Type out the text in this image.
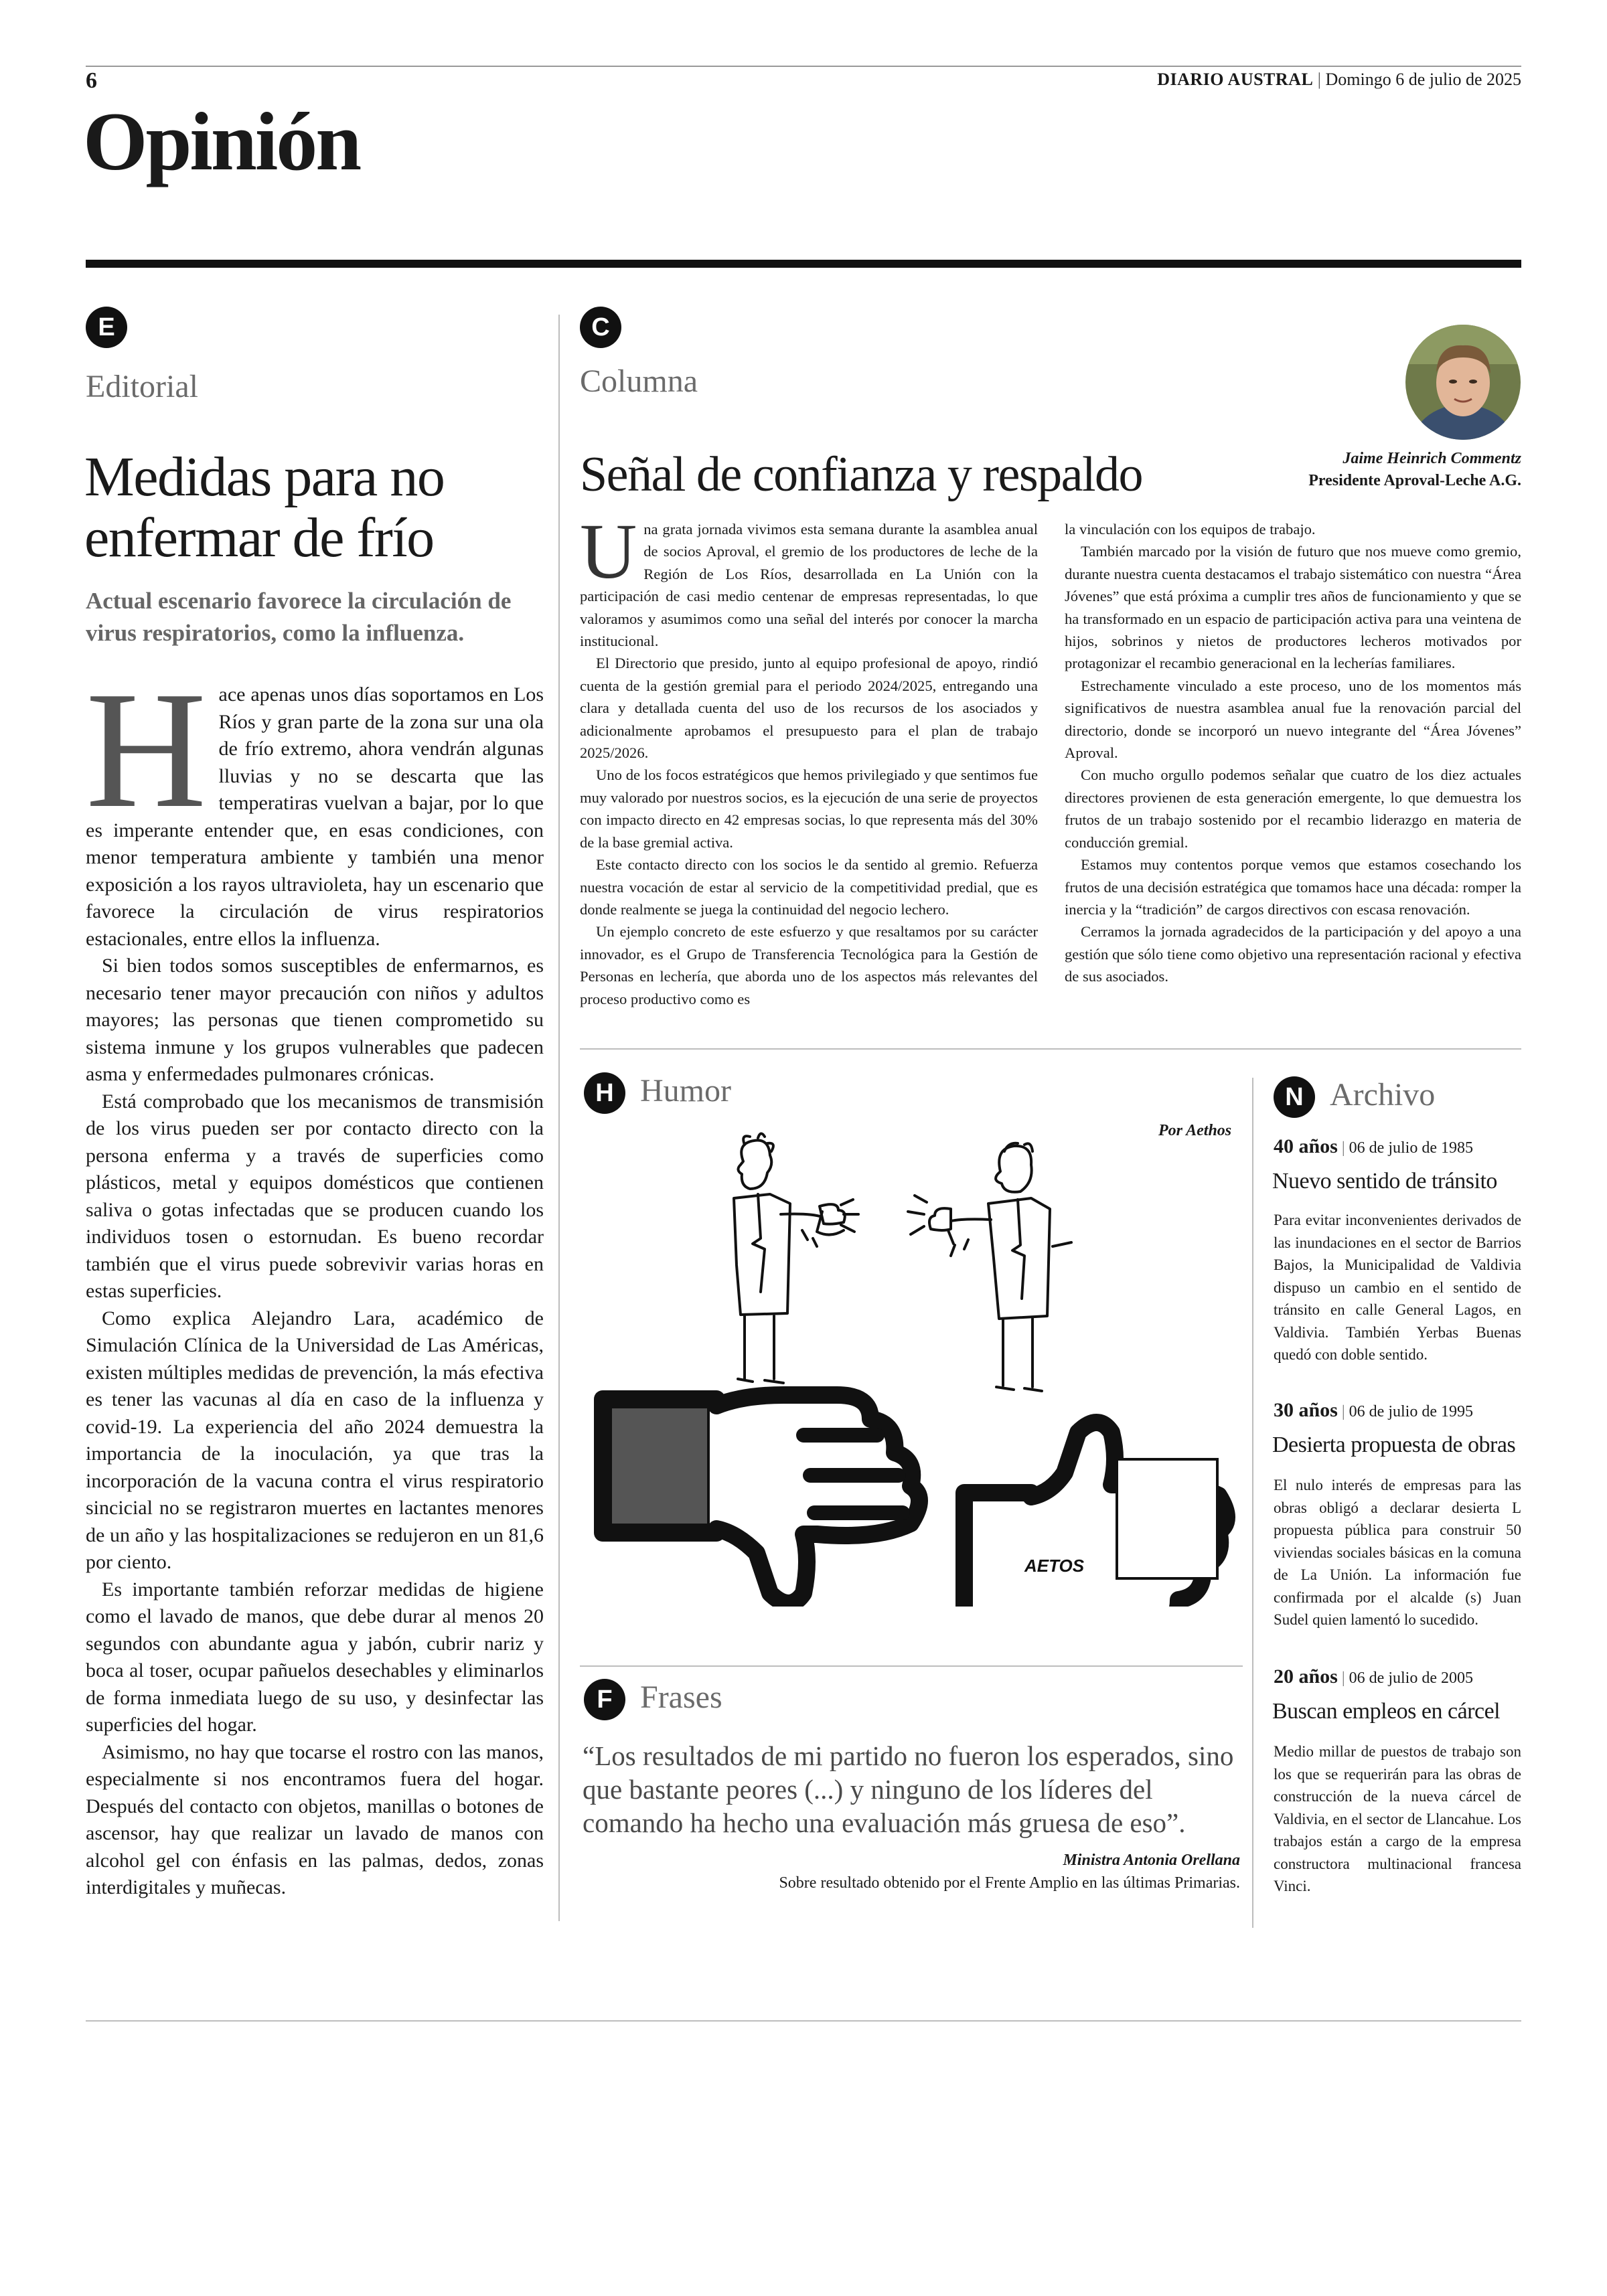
6	DIARIO AUSTRAL | Domingo 6 de julio de 2025
Opinión
E
Editorial
Medidas para no enfermar de frío
Actual escenario favorece la circulación de virus respiratorios, como la influenza.

Hace apenas unos días soportamos en Los Ríos y gran parte de la zona sur una ola de frío extremo, ahora vendrán algunas lluvias y no se descarta que las temperatiras vuelvan a bajar, por lo que es imperante entender que, en esas condiciones, con menor temperatura ambiente y también una menor exposición a los rayos ultravioleta, hay un escenario que favorece la circulación de virus respiratorios estacionales, entre ellos la influenza.

Si bien todos somos susceptibles de enfermarnos, es necesario tener mayor precaución con niños y adultos mayores; las personas que tienen comprometido su sistema inmune y los grupos vulnerables que padecen asma y enfermedades pulmonares crónicas.

Está comprobado que los mecanismos de transmisión de los virus pueden ser por contacto directo con la persona enferma y a través de superficies como plásticos, metal y equipos domésticos que contienen saliva o gotas infectadas que se producen cuando los individuos tosen o estornudan. Es bueno recordar también que el virus puede sobrevivir varias horas en estas superficies.

Como explica Alejandro Lara, académico de Simulación Clínica de la Universidad de Las Américas, existen múltiples medidas de prevención, la más efectiva es tener las vacunas al día en caso de la influenza y covid-19. La experiencia del año 2024 demuestra la importancia de la inoculación, ya que tras la incorporación de la vacuna contra el virus respiratorio sincicial no se registraron muertes en lactantes menores de un año y las hospitalizaciones se redujeron en un 81,6 por ciento.

Es importante también reforzar medidas de higiene como el lavado de manos, que debe durar al menos 20 segundos con abundante agua y jabón, cubrir nariz y boca al toser, ocupar pañuelos desechables y eliminarlos de forma inmediata luego de su uso, y desinfectar las superficies del hogar.

Asimismo, no hay que tocarse el rostro con las manos, especialmente si nos encontramos fuera del hogar. Después del contacto con objetos, manillas o botones de ascensor, hay que realizar un lavado de manos con alcohol gel con énfasis en las palmas, dedos, zonas interdigitales y muñecas.

C
Columna
Jaime Heinrich Commentz
Presidente Aproval-Leche A.G.
Señal de confianza y respaldo

Una grata jornada vivimos esta semana durante la asamblea anual de socios Aproval, el gremio de los productores de leche de la Región de Los Ríos, desarrollada en La Unión con la participación de casi medio centenar de empresas representadas, lo que valoramos y asumimos como una señal del interés por conocer la marcha institucional.

El Directorio que presido, junto al equipo profesional de apoyo, rindió cuenta de la gestión gremial para el periodo 2024/2025, entregando una clara y detallada cuenta del uso de los recursos de los asociados y adicionalmente aprobamos el presupuesto para el plan de trabajo 2025/2026.

Uno de los focos estratégicos que hemos privilegiado y que sentimos fue muy valorado por nuestros socios, es la ejecución de una serie de proyectos con impacto directo en 42 empresas socias, lo que representa más del 30% de la base gremial activa.

Este contacto directo con los socios le da sentido al gremio. Refuerza nuestra vocación de estar al servicio de la competitividad predial, que es donde realmente se juega la continuidad del negocio lechero.

Un ejemplo concreto de este esfuerzo y que resaltamos por su carácter innovador, es el Grupo de Transferencia Tecnológica para la Gestión de Personas en lechería, que aborda uno de los aspectos más relevantes del proceso productivo como es

la vinculación con los equipos de trabajo.

También marcado por la visión de futuro que nos mueve como gremio, durante nuestra cuenta destacamos el trabajo sistemático con nuestra “Área Jóvenes” que está próxima a cumplir tres años de funcionamiento y que se ha transformado en un espacio de participación activa para una veintena de hijos, sobrinos y nietos de productores lecheros motivados por protagonizar el recambio generacional en la lecherías familiares.

Estrechamente vinculado a este proceso, uno de los momentos más significativos de nuestra asamblea anual fue la renovación parcial del directorio, donde se incorporó un nuevo integrante del “Área Jóvenes” Aproval.

Con mucho orgullo podemos señalar que cuatro de los diez actuales directores provienen de esta generación emergente, lo que demuestra los frutos de un trabajo sostenido por el recambio liderazgo en materia de conducción gremial.

Estamos muy contentos porque vemos que estamos cosechando los frutos de una decisión estratégica que tomamos hace una década: romper la inercia y la “tradición” de cargos directivos con escasa renovación.

Cerramos la jornada agradecidos de la participación y del apoyo a una gestión que sólo tiene como objetivo una representación racional y efectiva de sus asociados.

H Humor
Por Aethos
AETOS
N Archivo
40 años | 06 de julio de 1985
Nuevo sentido de tránsito
Para evitar inconvenientes derivados de las inundaciones en el sector de Barrios Bajos, la Municipalidad de Valdivia dispuso un cambio en el sentido de tránsito en calle General Lagos, en Valdivia. También Yerbas Buenas quedó con doble sentido.
30 años | 06 de julio de 1995
Desierta propuesta de obras
El nulo interés de empresas para las obras obligó a declarar desierta L propuesta pública para construir 50 viviendas sociales básicas en la comuna de La Unión. La información fue confirmada por el alcalde (s) Juan Sudel quien lamentó lo sucedido.
20 años | 06 de julio de 2005
Buscan empleos en cárcel
Medio millar de puestos de trabajo son los que se requerirán para las obras de construcción de la nueva cárcel de Valdivia, en el sector de Llancahue. Los trabajos están a cargo de la empresa constructora multinacional francesa Vinci.
F Frases
“Los resultados de mi partido no fueron los esperados, sino que bastante peores (...) y ninguno de los líderes del comando ha hecho una evaluación más gruesa de eso”.
Ministra Antonia Orellana
Sobre resultado obtenido por el Frente Amplio en las últimas Primarias.
